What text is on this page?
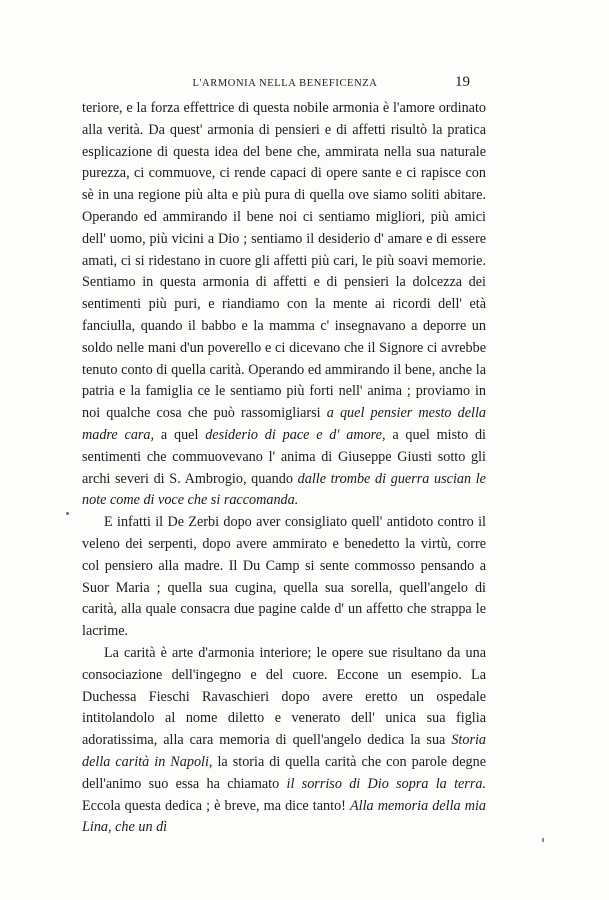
L'ARMONIA NELLA BENEFICENZA	19

teriore, e la forza effettrice di questa nobile armonia è l'amore ordinato alla verità. Da quest' armonia di pensieri e di affetti risultò la pratica esplicazione di questa idea del bene che, ammirata nella sua naturale purezza, ci commuove, ci rende capaci di opere sante e ci rapisce con sè in una regione più alta e più pura di quella ove siamo soliti abitare. Operando ed ammirando il bene noi ci sentiamo migliori, più amici dell' uomo, più vicini a Dio ; sentiamo il desiderio d' amare e di essere amati, ci si ridestano in cuore gli affetti più cari, le più soavi memorie. Sentiamo in questa armonia di affetti e di pensieri la dolcezza dei sentimenti più puri, e riandiamo con la mente ai ricordi dell' età fanciulla, quando il babbo e la mamma c' insegnavano a deporre un soldo nelle mani d'un poverello e ci dicevano che il Signore ci avrebbe tenuto conto di quella carità. Operando ed ammirando il bene, anche la patria e la famiglia ce le sentiamo più forti nell' anima ; proviamo in noi qualche cosa che può rassomigliarsi a quel pensier mesto della madre cara, a quel desiderio di pace e d' amore, a quel misto di sentimenti che commuovevano l' anima di Giuseppe Giusti sotto gli archi severi di S. Ambrogio, quando dalle trombe di guerra uscian le note come di voce che si raccomanda.

E infatti il De Zerbi dopo aver consigliato quell' antidoto contro il veleno dei serpenti, dopo avere ammirato e benedetto la virtù, corre col pensiero alla madre. Il Du Camp si sente commosso pensando a Suor Maria ; quella sua cugina, quella sua sorella, quell'angelo di carità, alla quale consacra due pagine calde d' un affetto che strappa le lacrime.

La carità è arte d'armonia interiore; le opere sue risultano da una consociazione dell'ingegno e del cuore. Eccone un esempio. La Duchessa Fieschi Ravaschieri dopo avere eretto un ospedale intitolandolo al nome diletto e venerato dell' unica sua figlia adoratissima, alla cara memoria di quell'angelo dedica la sua Storia della carità in Napoli, la storia di quella carità che con parole degne dell'animo suo essa ha chiamato il sorriso di Dio sopra la terra. Eccola questa dedica ; è breve, ma dice tanto! Alla memoria della mia Lina, che un dì
